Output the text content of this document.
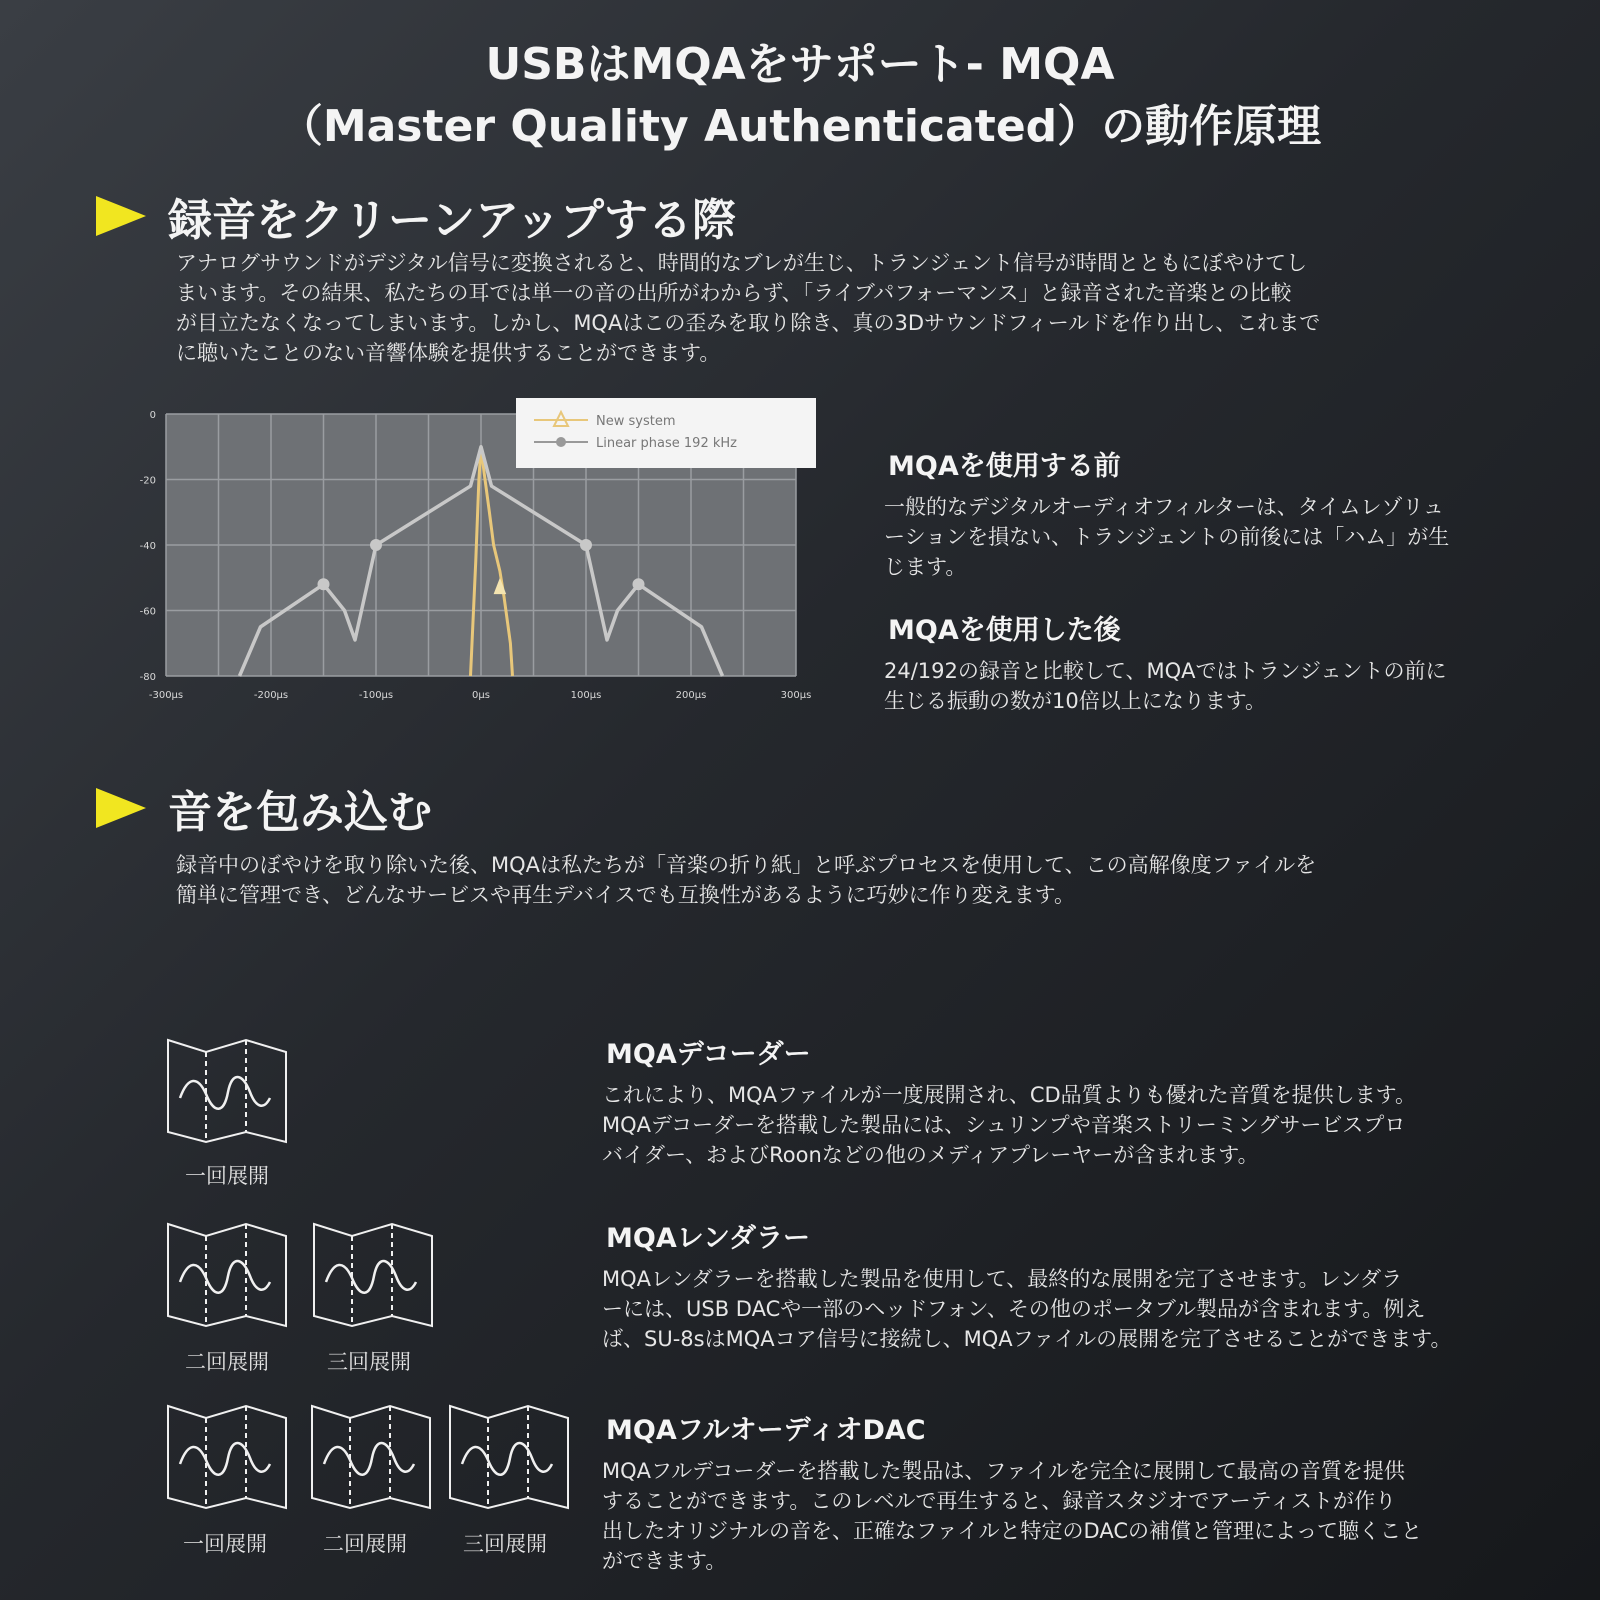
USBはMQAをサポート- MQA
（Master Quality Authenticated）の動作原理
録音をクリーンアップする際
アナログサウンドがデジタル信号に変換されると、時間的なブレが生じ、トランジェント信号が時間とともにぼやけてし
まいます。その結果、私たちの耳では単一の音の出所がわからず、「ライブパフォーマンス」と録音された音楽との比較
が目立たなくなってしまいます。しかし、MQAはこの歪みを取り除き、真の3Dサウンドフィールドを作り出し、これまで
に聴いたことのない音響体験を提供することができます。
0
-20
-40
-60
-80
-300µs	-200µs	-100µs	0µs	100µs	200µs	300µs
New system
Linear phase 192 kHz
MQAを使用する前
一般的なデジタルオーディオフィルターは、タイムレゾリュ
ーションを損ない、トランジェントの前後には「ハム」が生
じます。
MQAを使用した後
24/192の録音と比較して、MQAではトランジェントの前に
生じる振動の数が10倍以上になります。
音を包み込む
録音中のぼやけを取り除いた後、MQAは私たちが「音楽の折り紙」と呼ぶプロセスを使用して、この高解像度ファイルを
簡単に管理でき、どんなサービスや再生デバイスでも互換性があるように巧妙に作り変えます。
MQAデコーダー
これにより、MQAファイルが一度展開され、CD品質よりも優れた音質を提供します。
MQAデコーダーを搭載した製品には、シュリンプや音楽ストリーミングサービスプロ
バイダー、およびRoonなどの他のメディアプレーヤーが含まれます。
MQAレンダラー
MQAレンダラーを搭載した製品を使用して、最終的な展開を完了させます。レンダラ
ーには、USB DACや一部のヘッドフォン、その他のポータブル製品が含まれます。例え
ば、SU-8sはMQAコア信号に接続し、MQAファイルの展開を完了させることができます。
MQAフルオーディオDAC
MQAフルデコーダーを搭載した製品は、ファイルを完全に展開して最高の音質を提供
することができます。このレベルで再生すると、録音スタジオでアーティストが作り
出したオリジナルの音を、正確なファイルと特定のDACの補償と管理によって聴くこと
ができます。
一回展開
二回展開	三回展開
一回展開	二回展開	三回展開
